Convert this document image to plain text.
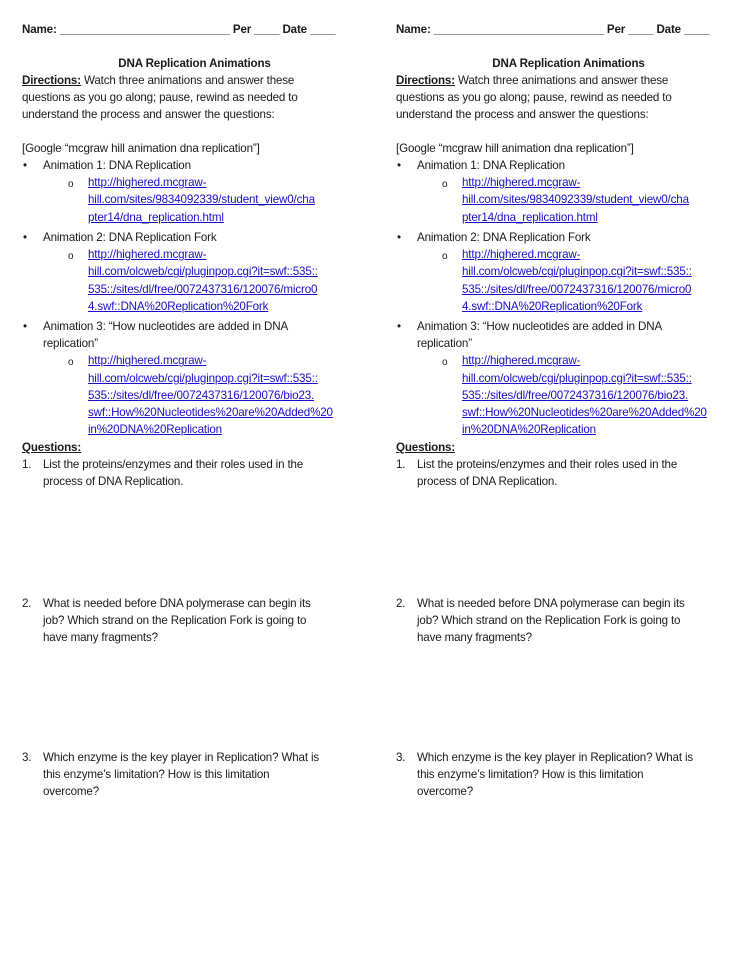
Name: ___________________________ Per ____ Date ____
DNA Replication Animations
Directions: Watch three animations and answer these
questions as you go along; pause, rewind as needed to
understand the process and answer the questions:
[Google “mcgraw hill animation dna replication”]
•	Animation 1: DNA Replication
o	http://highered.mcgraw-
hill.com/sites/9834092339/student_view0/cha
pter14/dna_replication.html
•	Animation 2: DNA Replication Fork
o	http://highered.mcgraw-
hill.com/olcweb/cgi/pluginpop.cgi?it=swf::535::
535::/sites/dl/free/0072437316/120076/micro0
4.swf::DNA%20Replication%20Fork
•	Animation 3: “How nucleotides are added in DNA
replication”
o	http://highered.mcgraw-
hill.com/olcweb/cgi/pluginpop.cgi?it=swf::535::
535::/sites/dl/free/0072437316/120076/bio23.
swf::How%20Nucleotides%20are%20Added%20
in%20DNA%20Replication
Questions:
1.	List the proteins/enzymes and their roles used in the
process of DNA Replication.
2.	What is needed before DNA polymerase can begin its
job? Which strand on the Replication Fork is going to
have many fragments?
3.	Which enzyme is the key player in Replication? What is
this enzyme’s limitation? How is this limitation
overcome?
Name: ___________________________ Per ____ Date ____
DNA Replication Animations
Directions: Watch three animations and answer these
questions as you go along; pause, rewind as needed to
understand the process and answer the questions:
[Google “mcgraw hill animation dna replication”]
•	Animation 1: DNA Replication
o	http://highered.mcgraw-
hill.com/sites/9834092339/student_view0/cha
pter14/dna_replication.html
•	Animation 2: DNA Replication Fork
o	http://highered.mcgraw-
hill.com/olcweb/cgi/pluginpop.cgi?it=swf::535::
535::/sites/dl/free/0072437316/120076/micro0
4.swf::DNA%20Replication%20Fork
•	Animation 3: “How nucleotides are added in DNA
replication”
o	http://highered.mcgraw-
hill.com/olcweb/cgi/pluginpop.cgi?it=swf::535::
535::/sites/dl/free/0072437316/120076/bio23.
swf::How%20Nucleotides%20are%20Added%20
in%20DNA%20Replication
Questions:
1.	List the proteins/enzymes and their roles used in the
process of DNA Replication.
2.	What is needed before DNA polymerase can begin its
job? Which strand on the Replication Fork is going to
have many fragments?
3.	Which enzyme is the key player in Replication? What is
this enzyme’s limitation? How is this limitation
overcome?
